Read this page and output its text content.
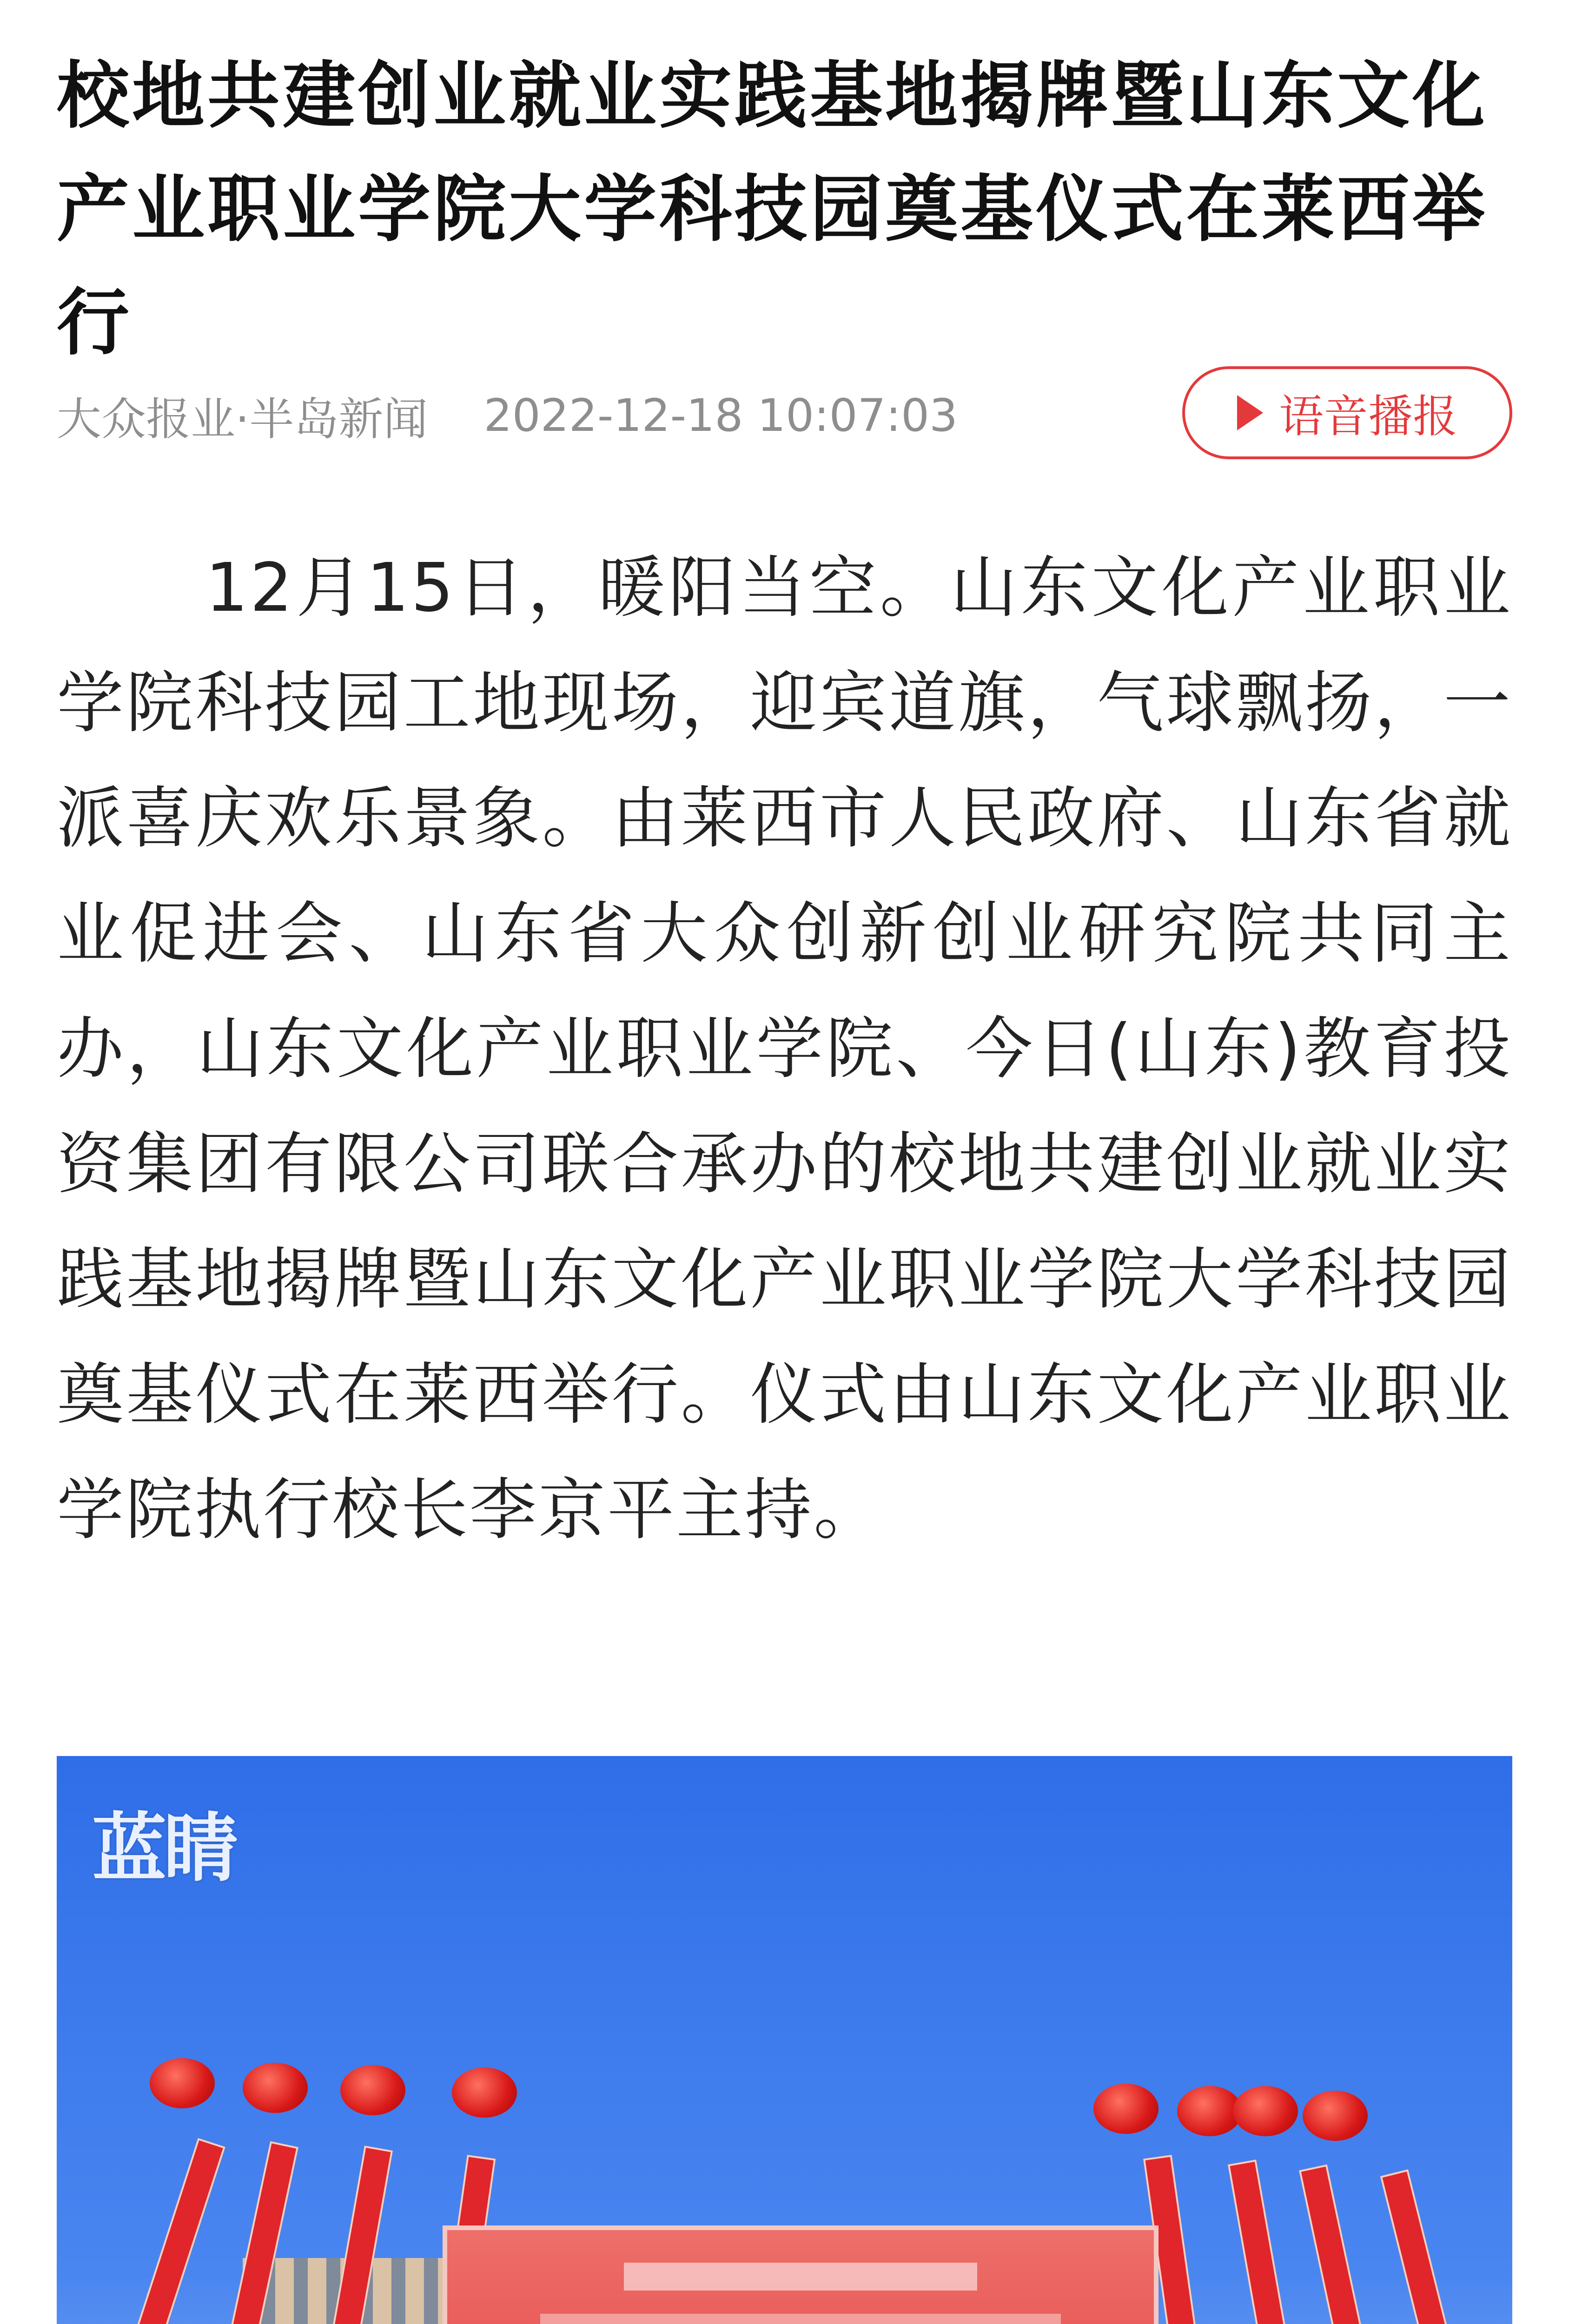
校地共建创业就业实践基地揭牌暨山东文化产业职业学院大学科技园奠基仪式在莱西举行
大众报业·半岛新闻 2022-12-18 10:07:03	语音播报
12月15日，暖阳当空。山东文化产业职业学院科技园工地现场，迎宾道旗，气球飘扬，一派喜庆欢乐景象。由莱西市人民政府、山东省就业促进会、山东省大众创新创业研究院共同主办，山东文化产业职业学院、今日(山东)教育投资集团有限公司联合承办的校地共建创业就业实践基地揭牌暨山东文化产业职业学院大学科技园奠基仪式在莱西举行。仪式由山东文化产业职业学院执行校长李京平主持。
蓝睛
